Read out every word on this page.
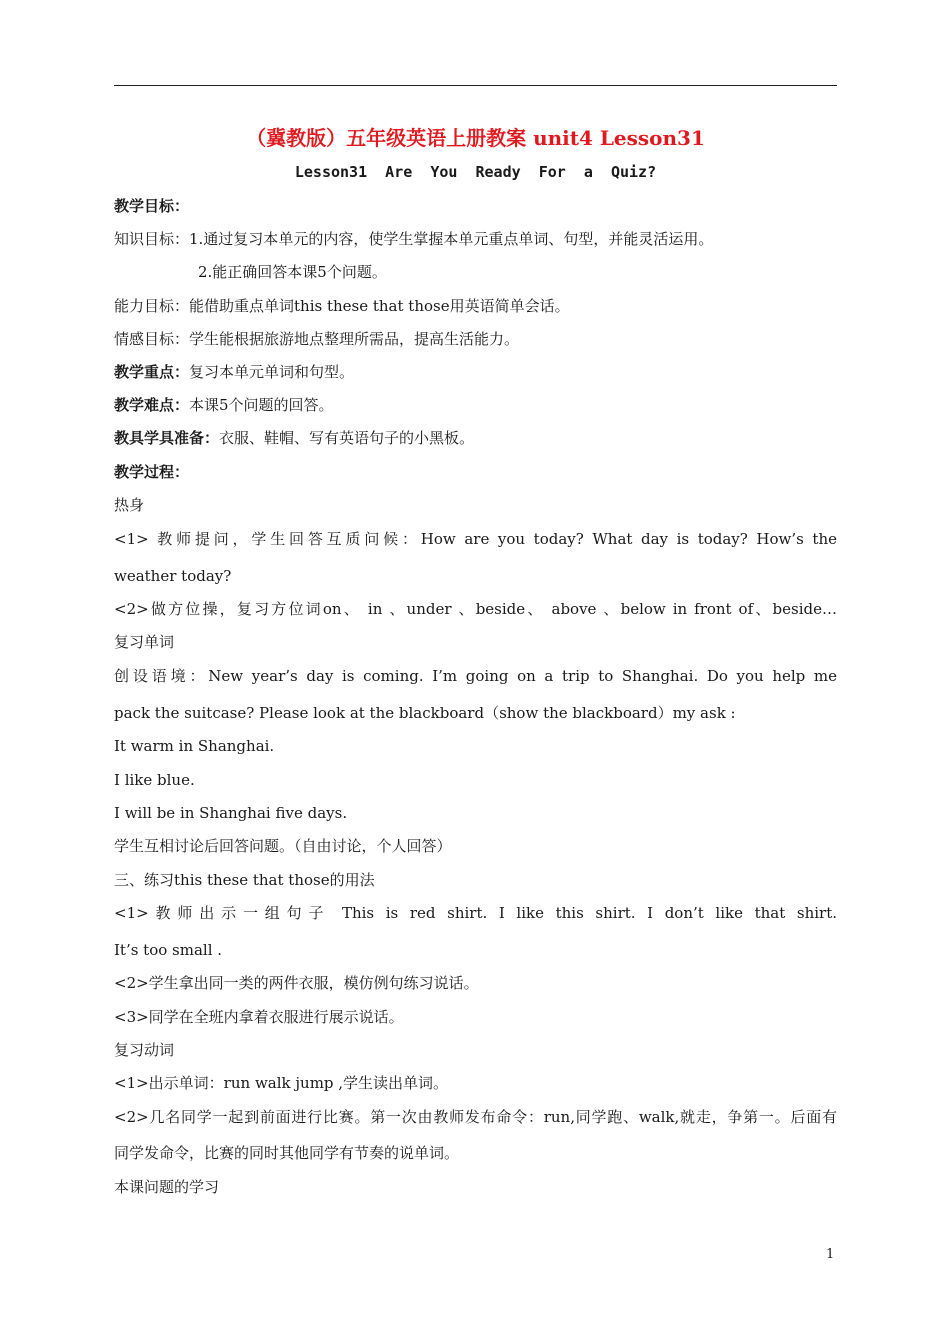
（冀教版）五年级英语上册教案 unit4 Lesson31
Lesson31  Are  You  Ready  For  a  Quiz?
教学目标：
知识目标：1.通过复习本单元的内容，使学生掌握本单元重点单词、句型，并能灵活运用。
2.能正确回答本课5个问题。
能力目标：能借助重点单词this these that those用英语简单会话。
情感目标：学生能根据旅游地点整理所需品，提高生活能力。
教学重点：复习本单元单词和句型。
教学难点：本课5个问题的回答。
教具学具准备：衣服、鞋帽、写有英语句子的小黑板。
教学过程：
热身
<1> 教师提问，学生回答互质问候：How are you today? What day is today? How’s the
weather today?
<2>做方位操，复习方位词on、 in 、under 、beside、 above 、below in front of、beside…
复习单词
创设语境：New year’s day is coming. I’m going on a trip to Shanghai. Do you help me
pack the suitcase? Please look at the blackboard（show the blackboard）my ask :
It warm in Shanghai.
I like blue.
I will be in Shanghai five days.
学生互相讨论后回答问题。（自由讨论，个人回答）
三、练习this these that those的用法
<1>教师出示一组句子 This is red shirt. I like this shirt. I don’t like that shirt.
It’s too small .
<2>学生拿出同一类的两件衣服，模仿例句练习说话。
<3>同学在全班内拿着衣服进行展示说话。
复习动词
<1>出示单词：run walk jump ,学生读出单词。
<2>几名同学一起到前面进行比赛。第一次由教师发布命令：run,同学跑、walk,就走，争第一。后面有
同学发命令，比赛的同时其他同学有节奏的说单词。
本课问题的学习
1
